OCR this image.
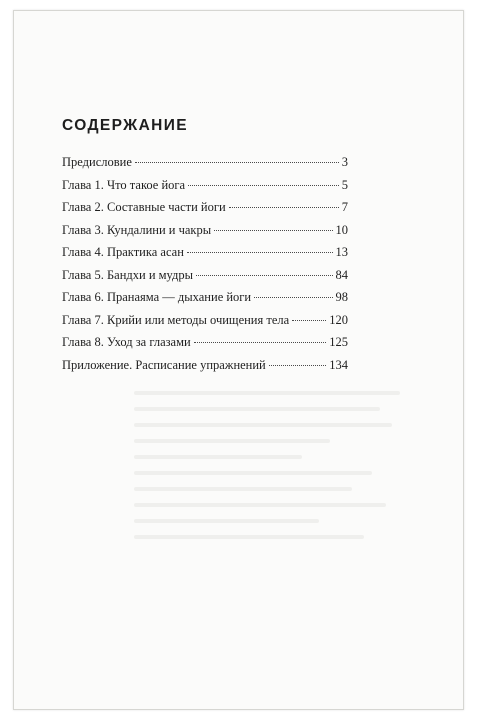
СОДЕРЖАНИЕ
Предисловие	3
Глава 1. Что такое йога	5
Глава 2. Составные части йоги	7
Глава 3. Кундалини и чакры	10
Глава 4. Практика асан	13
Глава 5. Бандхи и мудры	84
Глава 6. Пранаяма — дыхание йоги	98
Глава 7. Крийи или методы очищения тела	120
Глава 8. Уход за глазами	125
Приложение. Расписание упражнений	134
